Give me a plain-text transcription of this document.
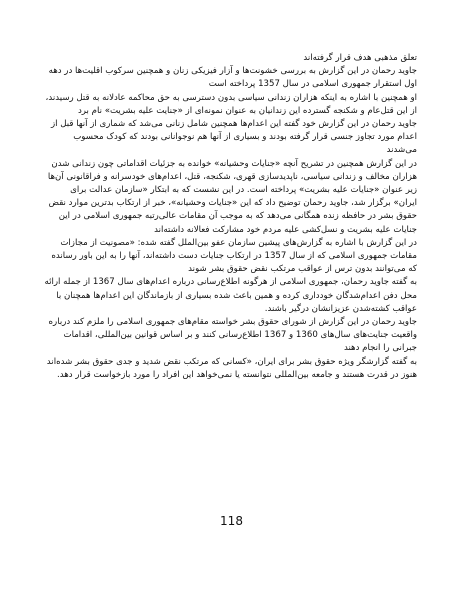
تعلق مذهبی هدف قرار گرفته‌اند

جاوید رحمان در این گزارش به بررسی خشونت‌ها و آزار فیزیکی زنان و همچنین سرکوب اقلیت‌ها در دهه اول استقرار جمهوری اسلامی در سال 1357 پرداخته است

او همچنین با اشاره به اینکه هزاران زندانی سیاسی بدون دسترسی به حق محاکمه عادلانه به قتل رسیدند، از این قتل‌عام و شکنجه گسترده این زندانیان به عنوان نمونه‌ای از «جنایت علیه بشریت» نام برد

جاوید رحمان در این گزارش خود گفته این اعدام‌ها همچنین شامل زنانی می‌شد که شماری از آنها قبل از اعدام مورد تجاوز جنسی قرار گرفته بودند و بسیاری از آنها هم نوجوانانی بودند که کودک محسوب می‌شدند

در این گزارش همچنین در تشریح آنچه «جنایات وحشیانه» خوانده به جزئیات اقداماتی چون زندانی شدن هزاران مخالف و زندانی سیاسی، ناپدیدسازی قهری، شکنجه، قتل، اعدام‌های خودسرانه و فراقانونی آن‌ها زیر عنوان «جنایات علیه بشریت» پرداخته است. در این نشست که به ابتکار «سازمان عدالت برای ایران» برگزار شد، جاوید رحمان توضیح داد که این «جنایات وحشیانه»، خبر از ارتکاب بدترین موارد نقض حقوق بشر در حافظه زنده همگانی می‌دهد که به موجب آن مقامات عالی‌رتبه جمهوری اسلامی در این جنایات علیه بشریت و نسل‌کشی علیه مردم خود مشارکت فعالانه داشته‌اند

در این گزارش با اشاره به گزارش‌های پیشین سازمان عفو بین‌الملل گفته شده: «مصونیت از مجازات مقامات جمهوری اسلامی که از سال 1357 در ارتکاب جنایات دست داشته‌اند، آنها را به این باور رسانده که می‌توانند بدون ترس از عواقب مرتکب نقض حقوق بشر شوند

به گفته جاوید رحمان، جمهوری اسلامی از هرگونه اطلاع‌رسانی درباره اعدام‌های سال 1367 از جمله ارائه محل دفن اعدام‌شدگان خودداری کرده و همین باعث شده بسیاری از بازماندگان این اعدام‌ها همچنان با عواقب کشته‌شدن عزیزانشان درگیر باشند.

جاوید رحمان در این گزارش از شورای حقوق بشر خواسته مقام‌های جمهوری اسلامی را ملزم کند درباره واقعیت جنایت‌های سال‌های 1360 و 1367 اطلاع‌رسانی کنند و بر اساس قوانین بین‌المللی، اقدامات جبرانی را انجام دهند

به گفته گزارشگر ویژه حقوق بشر برای ایران، «کسانی که مرتکب نقض شدید و جدی حقوق بشر شده‌اند هنوز در قدرت هستند و جامعه بین‌المللی نتوانسته یا نمی‌خواهد این افراد را مورد بازخواست قرار دهد.

118
